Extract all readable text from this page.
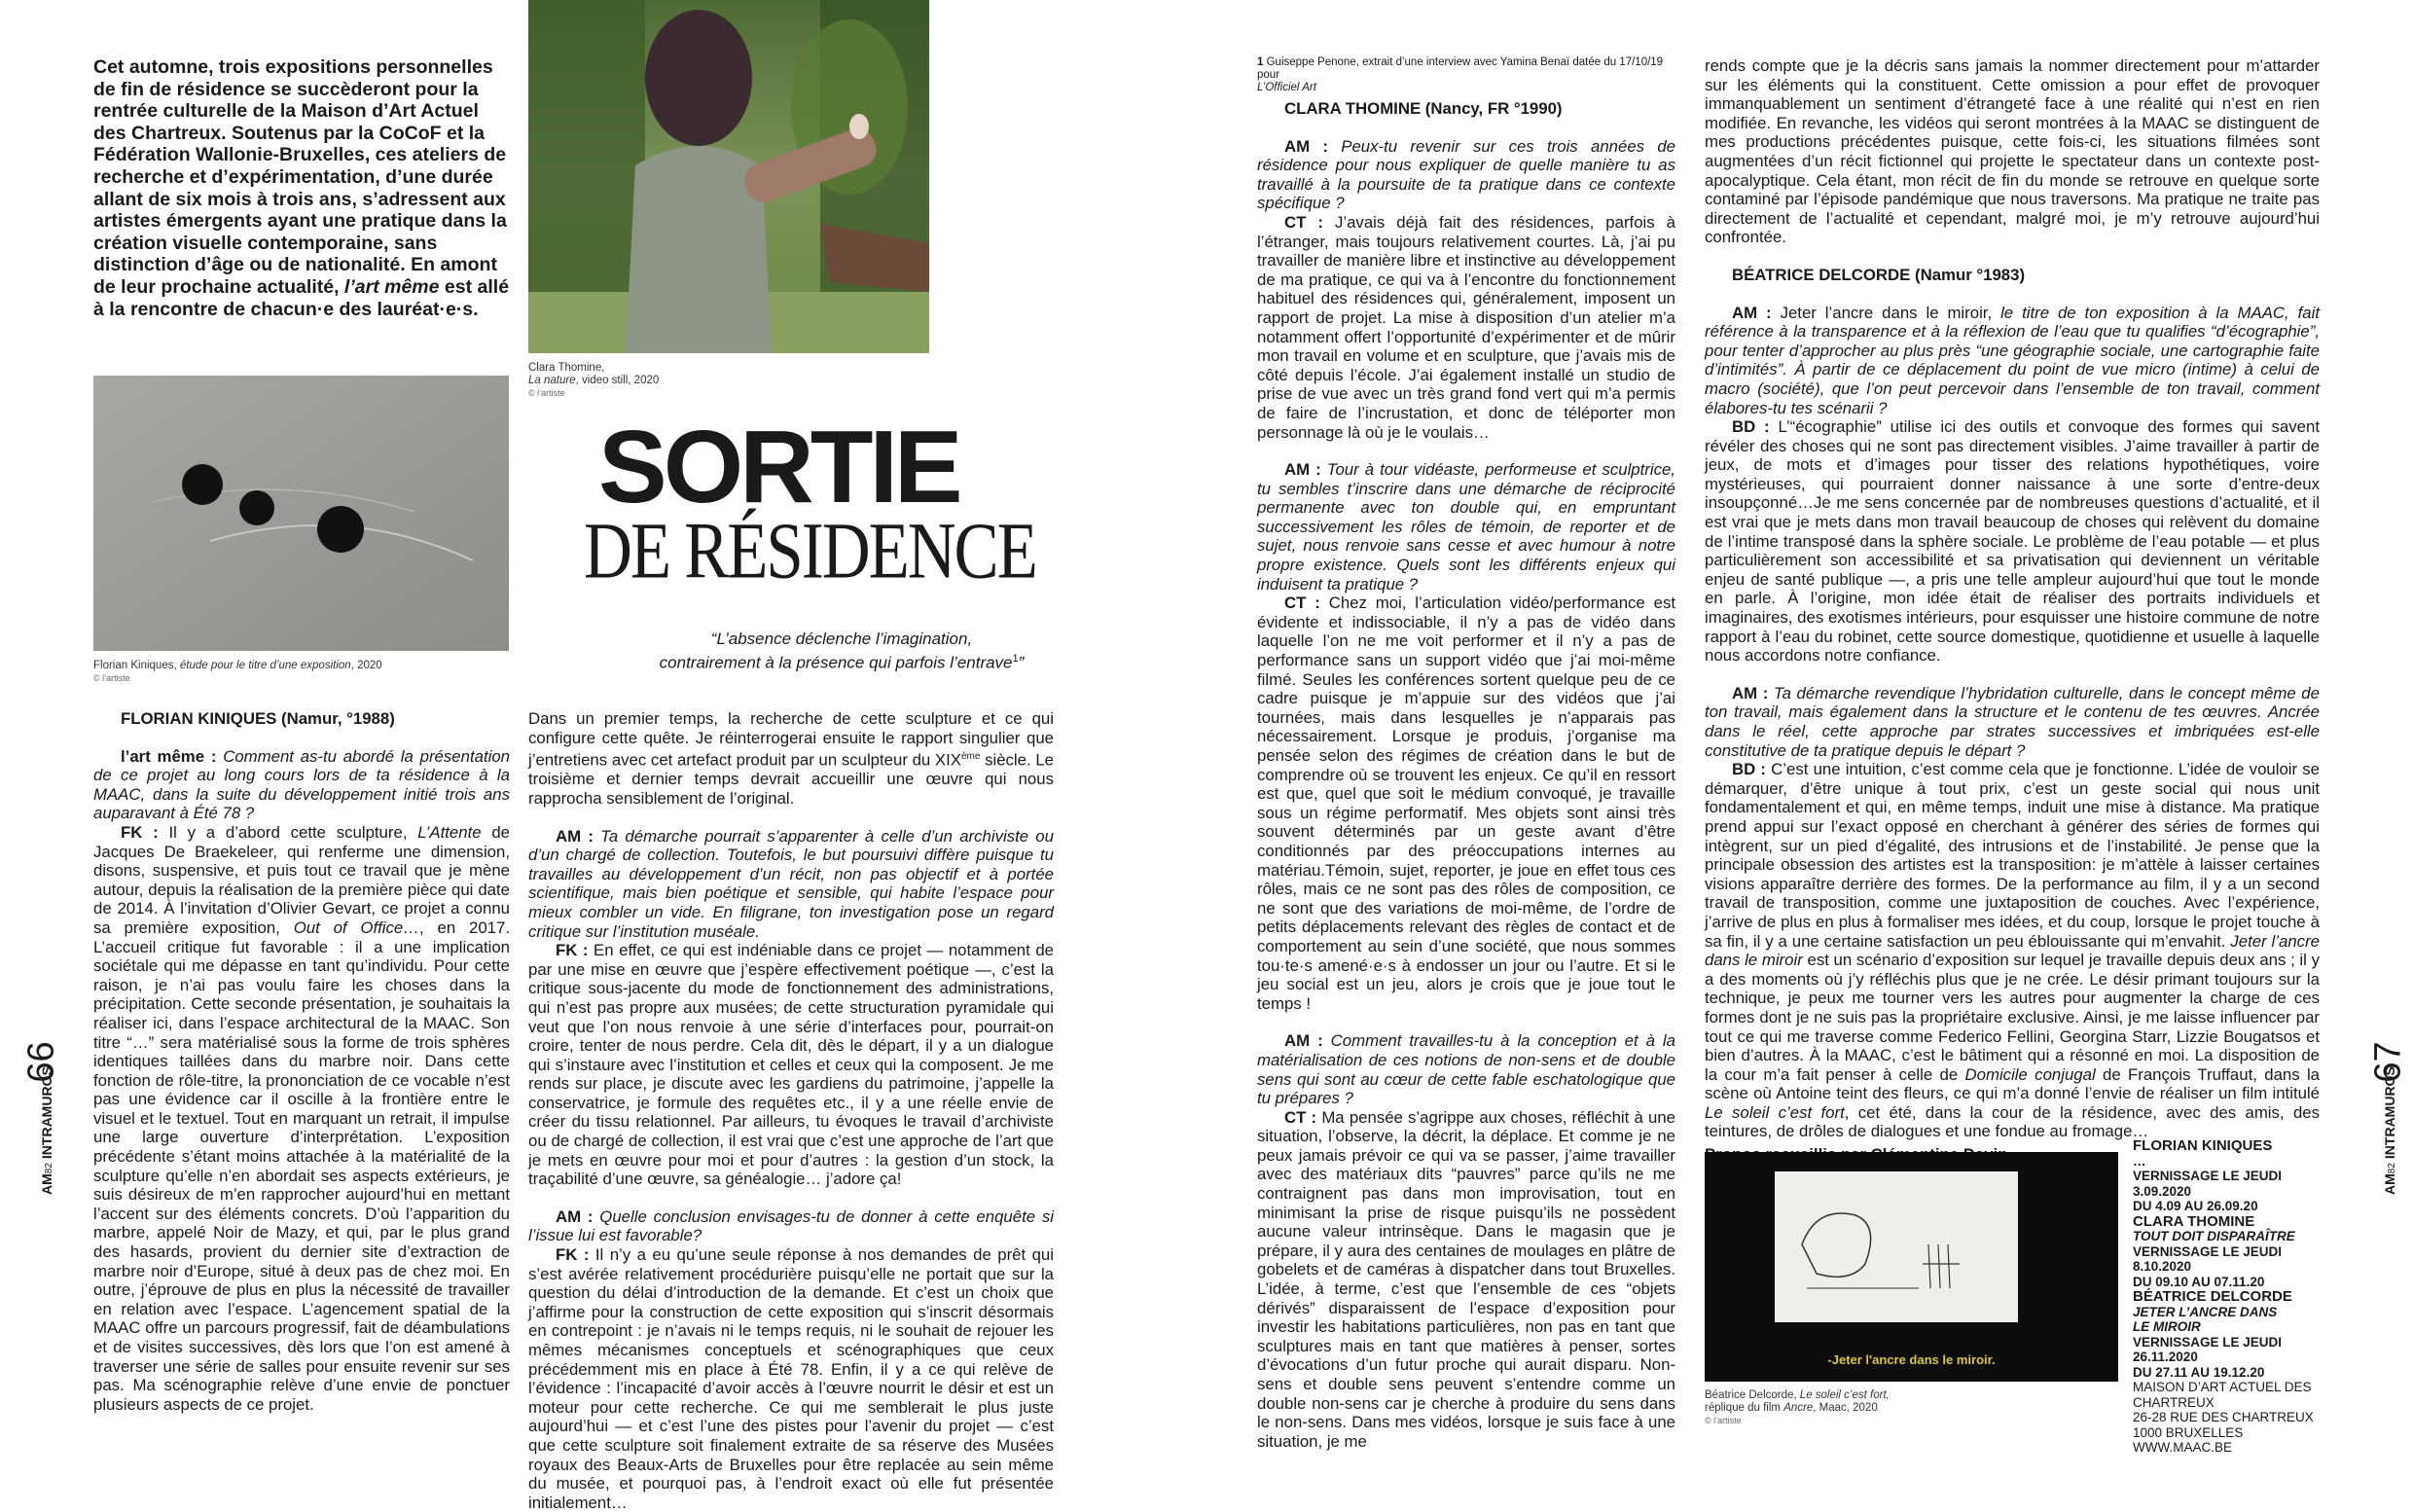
Cet automne, trois expositions personnelles de fin de résidence se succèderont pour la rentrée culturelle de la Maison d’Art Actuel des Chartreux. Soutenus par la CoCoF et la Fédération Wallonie-Bruxelles, ces ateliers de recherche et d’expérimentation, d’une durée allant de six mois à trois ans, s’adressent aux artistes émergents ayant une pratique dans la création visuelle contemporaine, sans distinction d’âge ou de nationalité. En amont de leur prochaine actualité, l’art même est allé à la rencontre de chacun·e des lauréat·e·s.
Clara Thomine,
La nature, video still, 2020
© l’artiste
Florian Kiniques, étude pour le titre d’une exposition, 2020
© l’artiste
SORTIE
DE RÉSIDENCE
“L’absence déclenche l’imagination,
contrairement à la présence qui parfois l’entrave$^1$”

FLORIAN KINIQUES (Namur, °1988)

l’art même : Comment as-tu abordé la présentation de ce projet au long cours lors de ta résidence à la MAAC, dans la suite du développement initié trois ans auparavant à Été 78 ?

FK : Il y a d’abord cette sculpture, L’Attente de Jacques De Braekeleer, qui renferme une dimension, disons, suspensive, et puis tout ce travail que je mène autour, depuis la réalisation de la première pièce qui date de 2014. À l’invitation d’Olivier Gevart, ce projet a connu sa première exposition, Out of Office…, en 2017. L’accueil critique fut favorable : il a une implication sociétale qui me dépasse en tant qu’individu. Pour cette raison, je n’ai pas voulu faire les choses dans la précipitation. Cette seconde présentation, je souhaitais la réaliser ici, dans l’espace architectural de la MAAC. Son titre “…” sera matérialisé sous la forme de trois sphères identiques taillées dans du marbre noir. Dans cette fonction de rôle-titre, la prononciation de ce vocable n’est pas une évidence car il oscille à la frontière entre le visuel et le textuel. Tout en marquant un retrait, il impulse une large ouverture d’interprétation. L’exposition précédente s’étant moins attachée à la matérialité de la sculpture qu’elle n’en abordait ses aspects extérieurs, je suis désireux de m’en rapprocher aujourd’hui en mettant l’accent sur des éléments concrets. D’où l’apparition du marbre, appelé Noir de Mazy, et qui, par le plus grand des hasards, provient du dernier site d’extraction de marbre noir d’Europe, situé à deux pas de chez moi. En outre, j’éprouve de plus en plus la nécessité de travailler en relation avec l’espace. L’agencement spatial de la MAAC offre un parcours progressif, fait de déambulations et de visites successives, dès lors que l’on est amené à traverser une série de salles pour ensuite revenir sur ses pas. Ma scénographie relève d’une envie de ponctuer plusieurs aspects de ce projet.

Dans un premier temps, la recherche de cette sculpture et ce qui configure cette quête. Je réinterrogerai ensuite le rapport singulier que j’entretiens avec cet artefact produit par un sculpteur du XIXème siècle. Le troisième et dernier temps devrait accueillir une œuvre qui nous rapprocha sensiblement de l’original.

AM : Ta démarche pourrait s’apparenter à celle d’un archiviste ou d’un chargé de collection. Toutefois, le but poursuivi diffère puisque tu travailles au développement d’un récit, non pas objectif et à portée scientifique, mais bien poétique et sensible, qui habite l’espace pour mieux combler un vide. En filigrane, ton investigation pose un regard critique sur l’institution muséale.

FK : En effet, ce qui est indéniable dans ce projet — notamment de par une mise en œuvre que j’espère effectivement poétique —, c’est la critique sous-jacente du mode de fonctionnement des administrations, qui n’est pas propre aux musées; de cette structuration pyramidale qui veut que l’on nous renvoie à une série d’interfaces pour, pourrait-on croire, tenter de nous perdre. Cela dit, dès le départ, il y a un dialogue qui s’instaure avec l’institution et celles et ceux qui la composent. Je me rends sur place, je discute avec les gardiens du patrimoine, j’appelle la conservatrice, je formule des requêtes etc., il y a une réelle envie de créer du tissu relationnel. Par ailleurs, tu évoques le travail d’archiviste ou de chargé de collection, il est vrai que c’est une approche de l’art que je mets en œuvre pour moi et pour d’autres : la gestion d’un stock, la traçabilité d’une œuvre, sa généalogie… j’adore ça!

AM : Quelle conclusion envisages-tu de donner à cette enquête si l’issue lui est favorable?

FK : Il n’y a eu qu’une seule réponse à nos demandes de prêt qui s’est avérée relativement procédurière puisqu’elle ne portait que sur la question du délai d’introduction de la demande. Et c’est un choix que j’affirme pour la construction de cette exposition qui s’inscrit désormais en contrepoint : je n’avais ni le temps requis, ni le souhait de rejouer les mêmes mécanismes conceptuels et scénographiques que ceux précédemment mis en place à Été 78. Enfin, il y a ce qui relève de l’évidence : l’incapacité d’avoir accès à l’œuvre nourrit le désir et est un moteur pour cette recherche. Ce qui me semblerait le plus juste aujourd’hui — et c’est l’une des pistes pour l’avenir du projet — c’est que cette sculpture soit finalement extraite de sa réserve des Musées royaux des Beaux-Arts de Bruxelles pour être replacée au sein même du musée, et pourquoi pas, à l’endroit exact où elle fut présentée initialement…

66
AM82INTRAMUROS
1 Guiseppe Penone, extrait d’une interview avec Yamina Benaï datée du 17/10/19 pour
L’Officiel Art

CLARA THOMINE (Nancy, FR °1990)

AM : Peux-tu revenir sur ces trois années de résidence pour nous expliquer de quelle manière tu as travaillé à la poursuite de ta pratique dans ce contexte spécifique ?

CT : J’avais déjà fait des résidences, parfois à l’étranger, mais toujours relativement courtes. Là, j’ai pu travailler de manière libre et instinctive au développement de ma pratique, ce qui va à l’encontre du fonctionnement habituel des résidences qui, généralement, imposent un rapport de projet. La mise à disposition d’un atelier m’a notamment offert l’opportunité d’expérimenter et de mûrir mon travail en volume et en sculpture, que j’avais mis de côté depuis l’école. J’ai également installé un studio de prise de vue avec un très grand fond vert qui m’a permis de faire de l’incrustation, et donc de téléporter mon personnage là où je le voulais…

AM : Tour à tour vidéaste, performeuse et sculptrice, tu sembles t’inscrire dans une démarche de réciprocité permanente avec ton double qui, en empruntant successivement les rôles de témoin, de reporter et de sujet, nous renvoie sans cesse et avec humour à notre propre existence. Quels sont les différents enjeux qui induisent ta pratique ?

CT : Chez moi, l’articulation vidéo/performance est évidente et indissociable, il n’y a pas de vidéo dans laquelle l’on ne me voit performer et il n’y a pas de performance sans un support vidéo que j’ai moi-même filmé. Seules les conférences sortent quelque peu de ce cadre puisque je m’appuie sur des vidéos que j’ai tournées, mais dans lesquelles je n’apparais pas nécessairement. Lorsque je produis, j’organise ma pensée selon des régimes de création dans le but de comprendre où se trouvent les enjeux. Ce qu’il en ressort est que, quel que soit le médium convoqué, je travaille sous un régime performatif. Mes objets sont ainsi très souvent déterminés par un geste avant d’être conditionnés par des préoccupations internes au matériau.Témoin, sujet, reporter, je joue en effet tous ces rôles, mais ce ne sont pas des rôles de composition, ce ne sont que des variations de moi-même, de l’ordre de petits déplacements relevant des règles de contact et de comportement au sein d’une société, que nous sommes tou·te·s amené·e·s à endosser un jour ou l’autre. Et si le jeu social est un jeu, alors je crois que je joue tout le temps !

AM : Comment travailles-tu à la conception et à la matérialisation de ces notions de non-sens et de double sens qui sont au cœur de cette fable eschatologique que tu prépares ?

CT : Ma pensée s’agrippe aux choses, réfléchit à une situation, l’observe, la décrit, la déplace. Et comme je ne peux jamais prévoir ce qui va se passer, j’aime travailler avec des matériaux dits “pauvres” parce qu’ils ne me contraignent pas dans mon improvisation, tout en minimisant la prise de risque puisqu’ils ne possèdent aucune valeur intrinsèque. Dans le magasin que je prépare, il y aura des centaines de moulages en plâtre de gobelets et de caméras à dispatcher dans tout Bruxelles. L’idée, à terme, c’est que l’ensemble de ces “objets dérivés” disparaissent de l’espace d’exposition pour investir les habitations particulières, non pas en tant que sculptures mais en tant que matières à penser, sortes d’évocations d’un futur proche qui aurait disparu. Non-sens et double sens peuvent s’entendre comme un double non-sens car je cherche à produire du sens dans le non-sens. Dans mes vidéos, lorsque je suis face à une situation, je me

rends compte que je la décris sans jamais la nommer directement pour m’attarder sur les éléments qui la constituent. Cette omission a pour effet de provoquer immanquablement un sentiment d’étrangeté face à une réalité qui n’est en rien modifiée. En revanche, les vidéos qui seront montrées à la MAAC se distinguent de mes productions précédentes puisque, cette fois-ci, les situations filmées sont augmentées d’un récit fictionnel qui projette le spectateur dans un contexte post-apocalyptique. Cela étant, mon récit de fin du monde se retrouve en quelque sorte contaminé par l’épisode pandémique que nous traversons. Ma pratique ne traite pas directement de l’actualité et cependant, malgré moi, je m’y retrouve aujourd’hui confrontée.

BÉATRICE DELCORDE (Namur °1983)

AM : Jeter l’ancre dans le miroir, le titre de ton exposition à la MAAC, fait référence à la transparence et à la réflexion de l’eau que tu qualifies “d’écographie”, pour tenter d’approcher au plus près “une géographie sociale, une cartographie faite d’intimités”. À partir de ce déplacement du point de vue micro (intime) à celui de macro (société), que l’on peut percevoir dans l’ensemble de ton travail, comment élabores-tu tes scénarii ?

BD : L’“écographie” utilise ici des outils et convoque des formes qui savent révéler des choses qui ne sont pas directement visibles. J’aime travailler à partir de jeux, de mots et d’images pour tisser des relations hypothétiques, voire mystérieuses, qui pourraient donner naissance à une sorte d’entre-deux insoupçonné…Je me sens concernée par de nombreuses questions d’actualité, et il est vrai que je mets dans mon travail beaucoup de choses qui relèvent du domaine de l’intime transposé dans la sphère sociale. Le problème de l’eau potable — et plus particulièrement son accessibilité et sa privatisation qui deviennent un véritable enjeu de santé publique —, a pris une telle ampleur aujourd’hui que tout le monde en parle. À l’origine, mon idée était de réaliser des portraits individuels et imaginaires, des exotismes intérieurs, pour esquisser une histoire commune de notre rapport à l’eau du robinet, cette source domestique, quotidienne et usuelle à laquelle nous accordons notre confiance.

AM : Ta démarche revendique l’hybridation culturelle, dans le concept même de ton travail, mais également dans la structure et le contenu de tes œuvres. Ancrée dans le réel, cette approche par strates successives et imbriquées est-elle constitutive de ta pratique depuis le départ ?

BD : C’est une intuition, c’est comme cela que je fonctionne. L’idée de vouloir se démarquer, d’être unique à tout prix, c’est un geste social qui nous unit fondamentalement et qui, en même temps, induit une mise à distance. Ma pratique prend appui sur l’exact opposé en cherchant à générer des séries de formes qui intègrent, sur un pied d’égalité, des intrusions et de l’instabilité. Je pense que la principale obsession des artistes est la transposition: je m’attèle à laisser certaines visions apparaître derrière des formes. De la performance au film, il y a un second travail de transposition, comme une juxtaposition de couches. Avec l’expérience, j’arrive de plus en plus à formaliser mes idées, et du coup, lorsque le projet touche à sa fin, il y a une certaine satisfaction un peu éblouissante qui m’envahit. Jeter l’ancre dans le miroir est un scénario d’exposition sur lequel je travaille depuis deux ans ; il y a des moments où j’y réfléchis plus que je ne crée. Le désir primant toujours sur la technique, je peux me tourner vers les autres pour augmenter la charge de ces formes dont je ne suis pas la propriétaire exclusive. Ainsi, je me laisse influencer par tout ce qui me traverse comme Federico Fellini, Georgina Starr, Lizzie Bougatsos et bien d’autres. À la MAAC, c’est le bâtiment qui a résonné en moi. La disposition de la cour m’a fait penser à celle de Domicile conjugal de François Truffaut, dans la scène où Antoine teint des fleurs, ce qui m’a donné l’envie de réaliser un film intitulé Le soleil c’est fort, cet été, dans la cour de la résidence, avec des amis, des teintures, de drôles de dialogues et une fondue au fromage…

-Jeter l'ancre dans le miroir.
Béatrice Delcorde, Le soleil c’est fort,
réplique du film Ancre, Maac, 2020
© l’artiste
FLORIAN KINIQUES
…
VERNISSAGE LE JEUDI 3.09.2020
DU 4.09 AU 26.09.20
CLARA THOMINE
TOUT DOIT DISPARAÎTRE
VERNISSAGE LE JEUDI 8.10.2020
DU 09.10 AU 07.11.20
BÉATRICE DELCORDE
JETER L’ANCRE DANS
LE MIROIR
VERNISSAGE LE JEUDI 26.11.2020
DU 27.11 AU 19.12.20
MAISON D’ART ACTUEL DES
CHARTREUX
26-28 RUE DES CHARTREUX
1000 BRUXELLES
WWW.MAAC.BE
67
AM82INTRAMUROS
